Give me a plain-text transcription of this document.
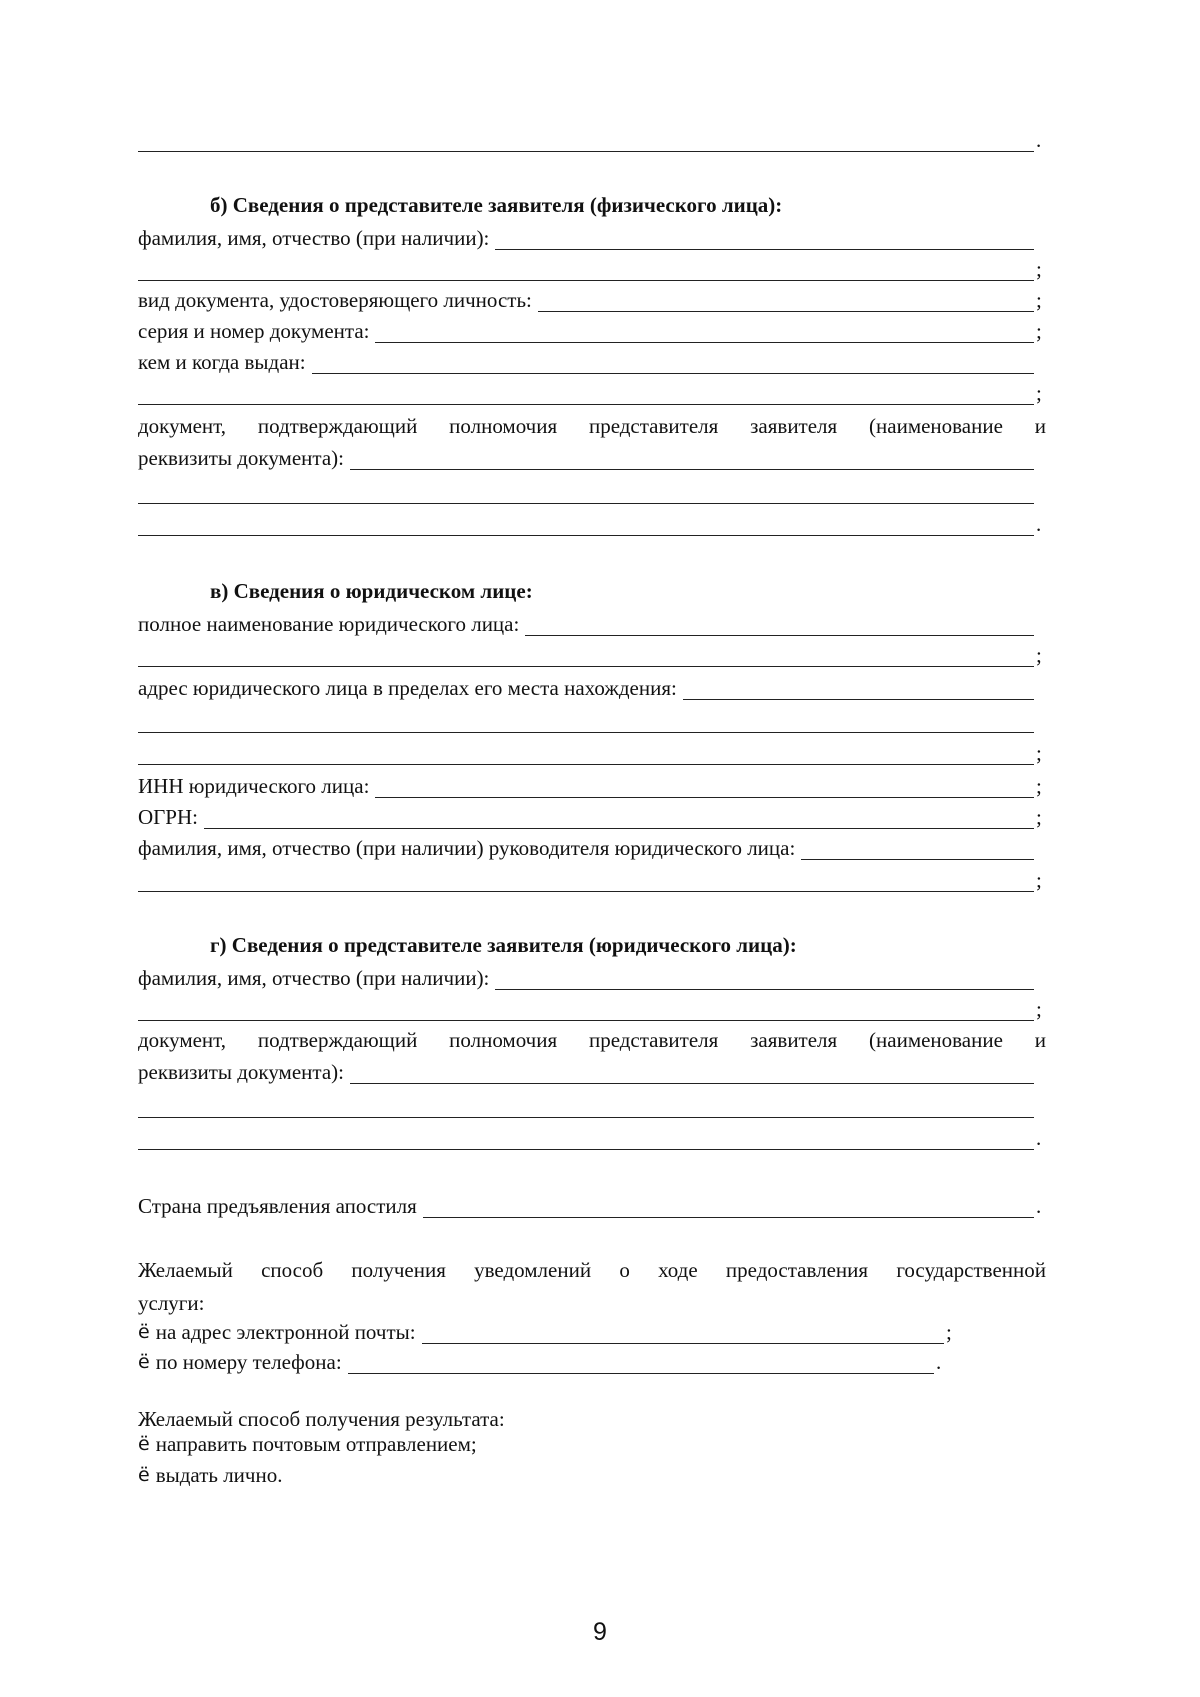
.
б) Сведения о представителе заявителя (физического лица):
фамилия, имя, отчество (при наличии):
;
вид документа, удостоверяющего личность:	;
серия и номер документа:	;
кем и когда выдан:
;
документ, подтверждающий полномочия представителя заявителя (наименование и
реквизиты документа):
.
в) Сведения о юридическом лице:
полное наименование юридического лица:
;
адрес юридического лица в пределах его места нахождения:
;
ИНН юридического лица:	;
ОГРН:	;
фамилия, имя, отчество (при наличии) руководителя юридического лица:
;
г) Сведения о представителе заявителя (юридического лица):
фамилия, имя, отчество (при наличии):
;
документ, подтверждающий полномочия представителя заявителя (наименование и
реквизиты документа):
.
Страна предъявления апостиля	.
Желаемый способ получения уведомлений о ходе предоставления государственной
услуги:
ё на адрес электронной почты:	;
ё по номеру телефона:	.
Желаемый способ получения результата:
ё направить почтовым отправлением;
ё выдать лично.
9
